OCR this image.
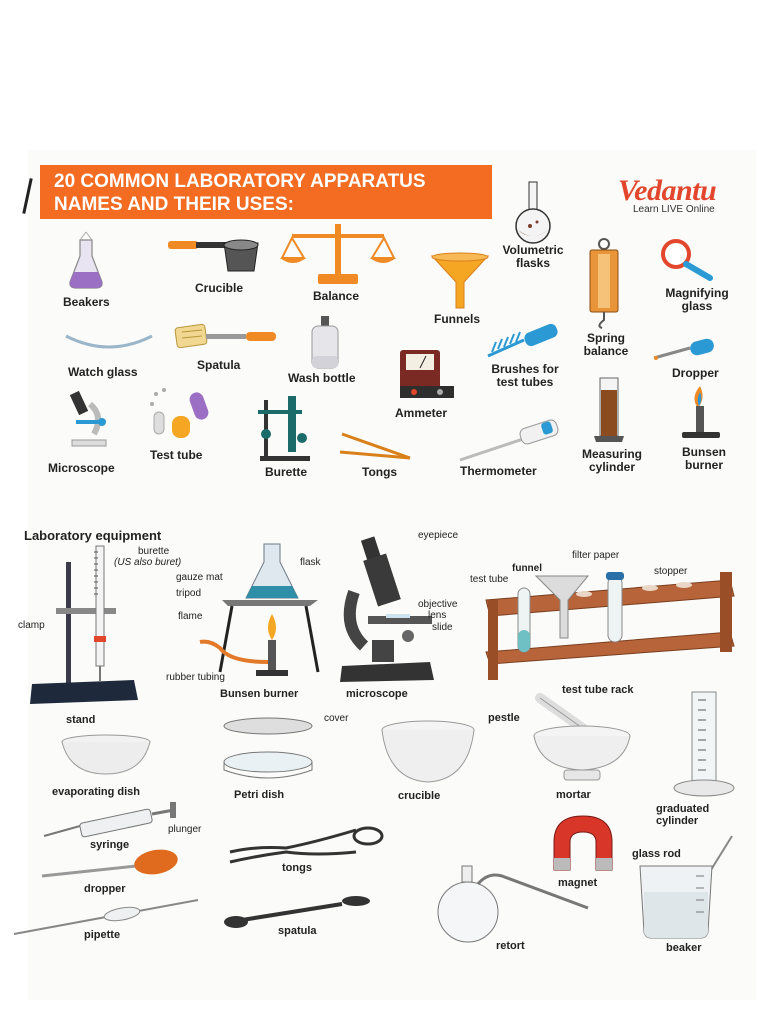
20 COMMON LABORATORY APPARATUS
NAMES AND THEIR USES:	Vedantu
Learn LIVE Online
Beakers
Crucible
Balance
Volumetric
flasks
Funnels
Spring
balance
Magnifying
glass
Watch glass	Spatula
Wash bottle
Brushes for
test tubes
Dropper
Ammeter
Microscope
Test tube
Burette	Tongs	Thermometer
Measuring
cylinder
Bunsen
burner
Laboratory equipment
burette
(US also buret)
clamp
stand
flask
gauze mat
tripod
flame
rubber tubing
Bunsen burner
eyepiece
objective
lens
slide
microscope
funnel
filter paper
test tube
stopper
test tube rack
evaporating dish
cover
Petri dish	crucible
pestle
mortar
graduated
cylinder
plunger
syringe
dropper
pipette
tongs
spatula
magnet
retort
glass rod
beaker
